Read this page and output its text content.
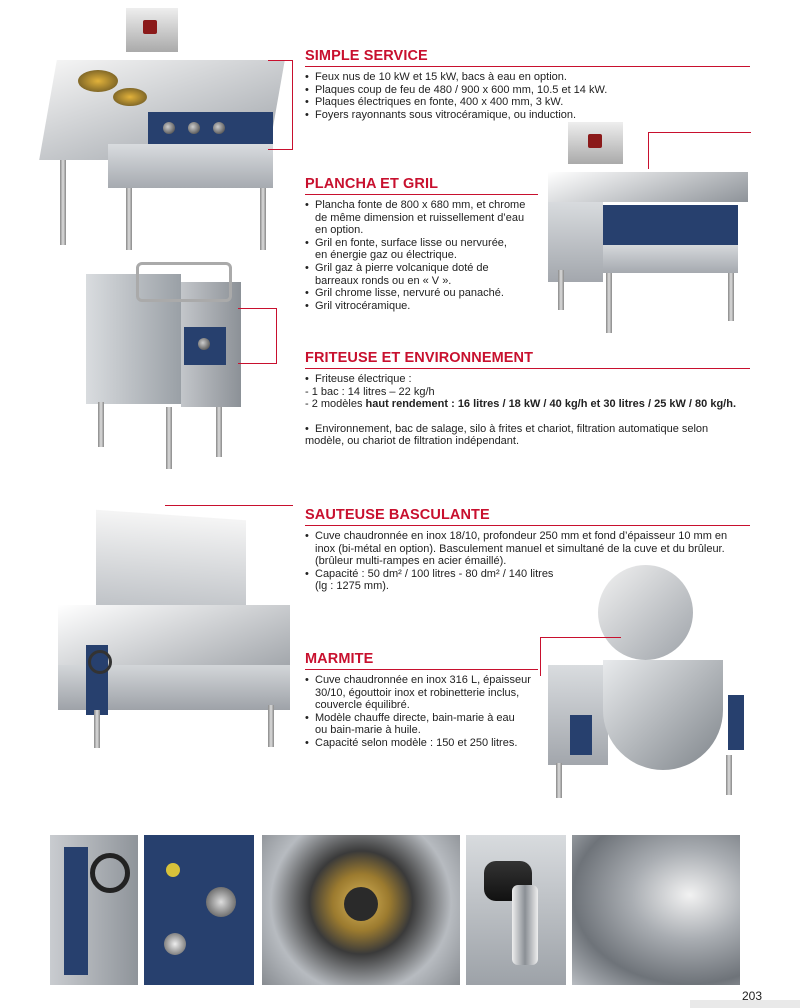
SIMPLE SERVICE
• Feux nus de 10 kW et 15 kW, bacs à eau en option.
• Plaques coup de feu de 480 / 900 x 600 mm, 10.5 et 14 kW.
• Plaques électriques en fonte, 400 x 400 mm, 3 kW.
• Foyers rayonnants sous vitrocéramique, ou induction.
PLANCHA ET GRIL
• Plancha fonte de 800 x 680 mm, et chrome
de même dimension et ruissellement d’eau
en option.
• Gril en fonte, surface lisse ou nervurée,
en énergie gaz ou électrique.
• Gril gaz à pierre volcanique doté de
barreaux ronds ou en « V ».
• Gril chrome lisse, nervuré ou panaché.
• Gril vitrocéramique.
FRITEUSE ET ENVIRONNEMENT
• Friteuse électrique :
- 1 bac : 14 litres – 22 kg/h
- 2 modèles haut rendement : 16 litres / 18 kW / 40 kg/h et 30 litres / 25 kW / 80 kg/h.
• Environnement, bac de salage, silo à frites et chariot, filtration automatique selon
modèle, ou chariot de filtration indépendant.
SAUTEUSE BASCULANTE
• Cuve chaudronnée en inox 18/10, profondeur 250 mm et fond d’épaisseur 10 mm en
inox (bi-métal en option). Basculement manuel et simultané de la cuve et du brûleur.
(brûleur multi-rampes en acier émaillé).
• Capacité : 50 dm² / 100 litres - 80 dm² / 140 litres
(lg : 1275 mm).
MARMITE
• Cuve chaudronnée en inox 316 L, épaisseur
30/10, égouttoir inox et robinetterie inclus,
couvercle équilibré.
• Modèle chauffe directe, bain-marie à eau
ou bain-marie à huile.
• Capacité selon modèle : 150 et 250 litres.
203
